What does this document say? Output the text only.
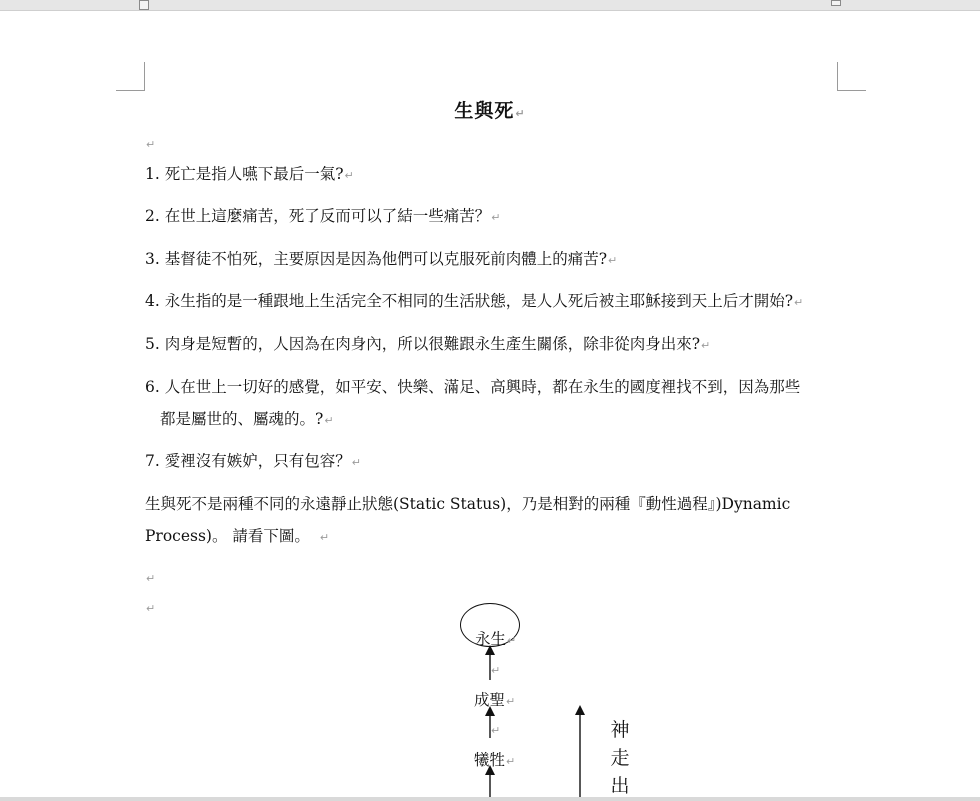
生與死↵
↵
1. 死亡是指人嚥下最后一氣?↵
2. 在世上這麼痛苦，死了反而可以了結一些痛苦？↵
3. 基督徒不怕死，主要原因是因為他們可以克服死前肉體上的痛苦?↵
4. 永生指的是一種跟地上生活完全不相同的生活狀態，是人人死后被主耶穌接到天上后才開始?↵
5. 肉身是短暫的，人因為在肉身內，所以很難跟永生產生關係，除非從肉身出來?↵
6. 人在世上一切好的感覺，如平安、快樂、滿足、高興時，都在永生的國度裡找不到，因為那些
都是屬世的、屬魂的。?↵
7. 愛裡沒有嫉妒，只有包容？↵
生與死不是兩種不同的永遠靜止狀態(Static Status)，乃是相對的兩種『動性過程』)Dynamic
Process)。 請看下圖。 ↵
↵
↵
永生↵
成聖↵
犧牲↵
↵
↵	神
走
出
